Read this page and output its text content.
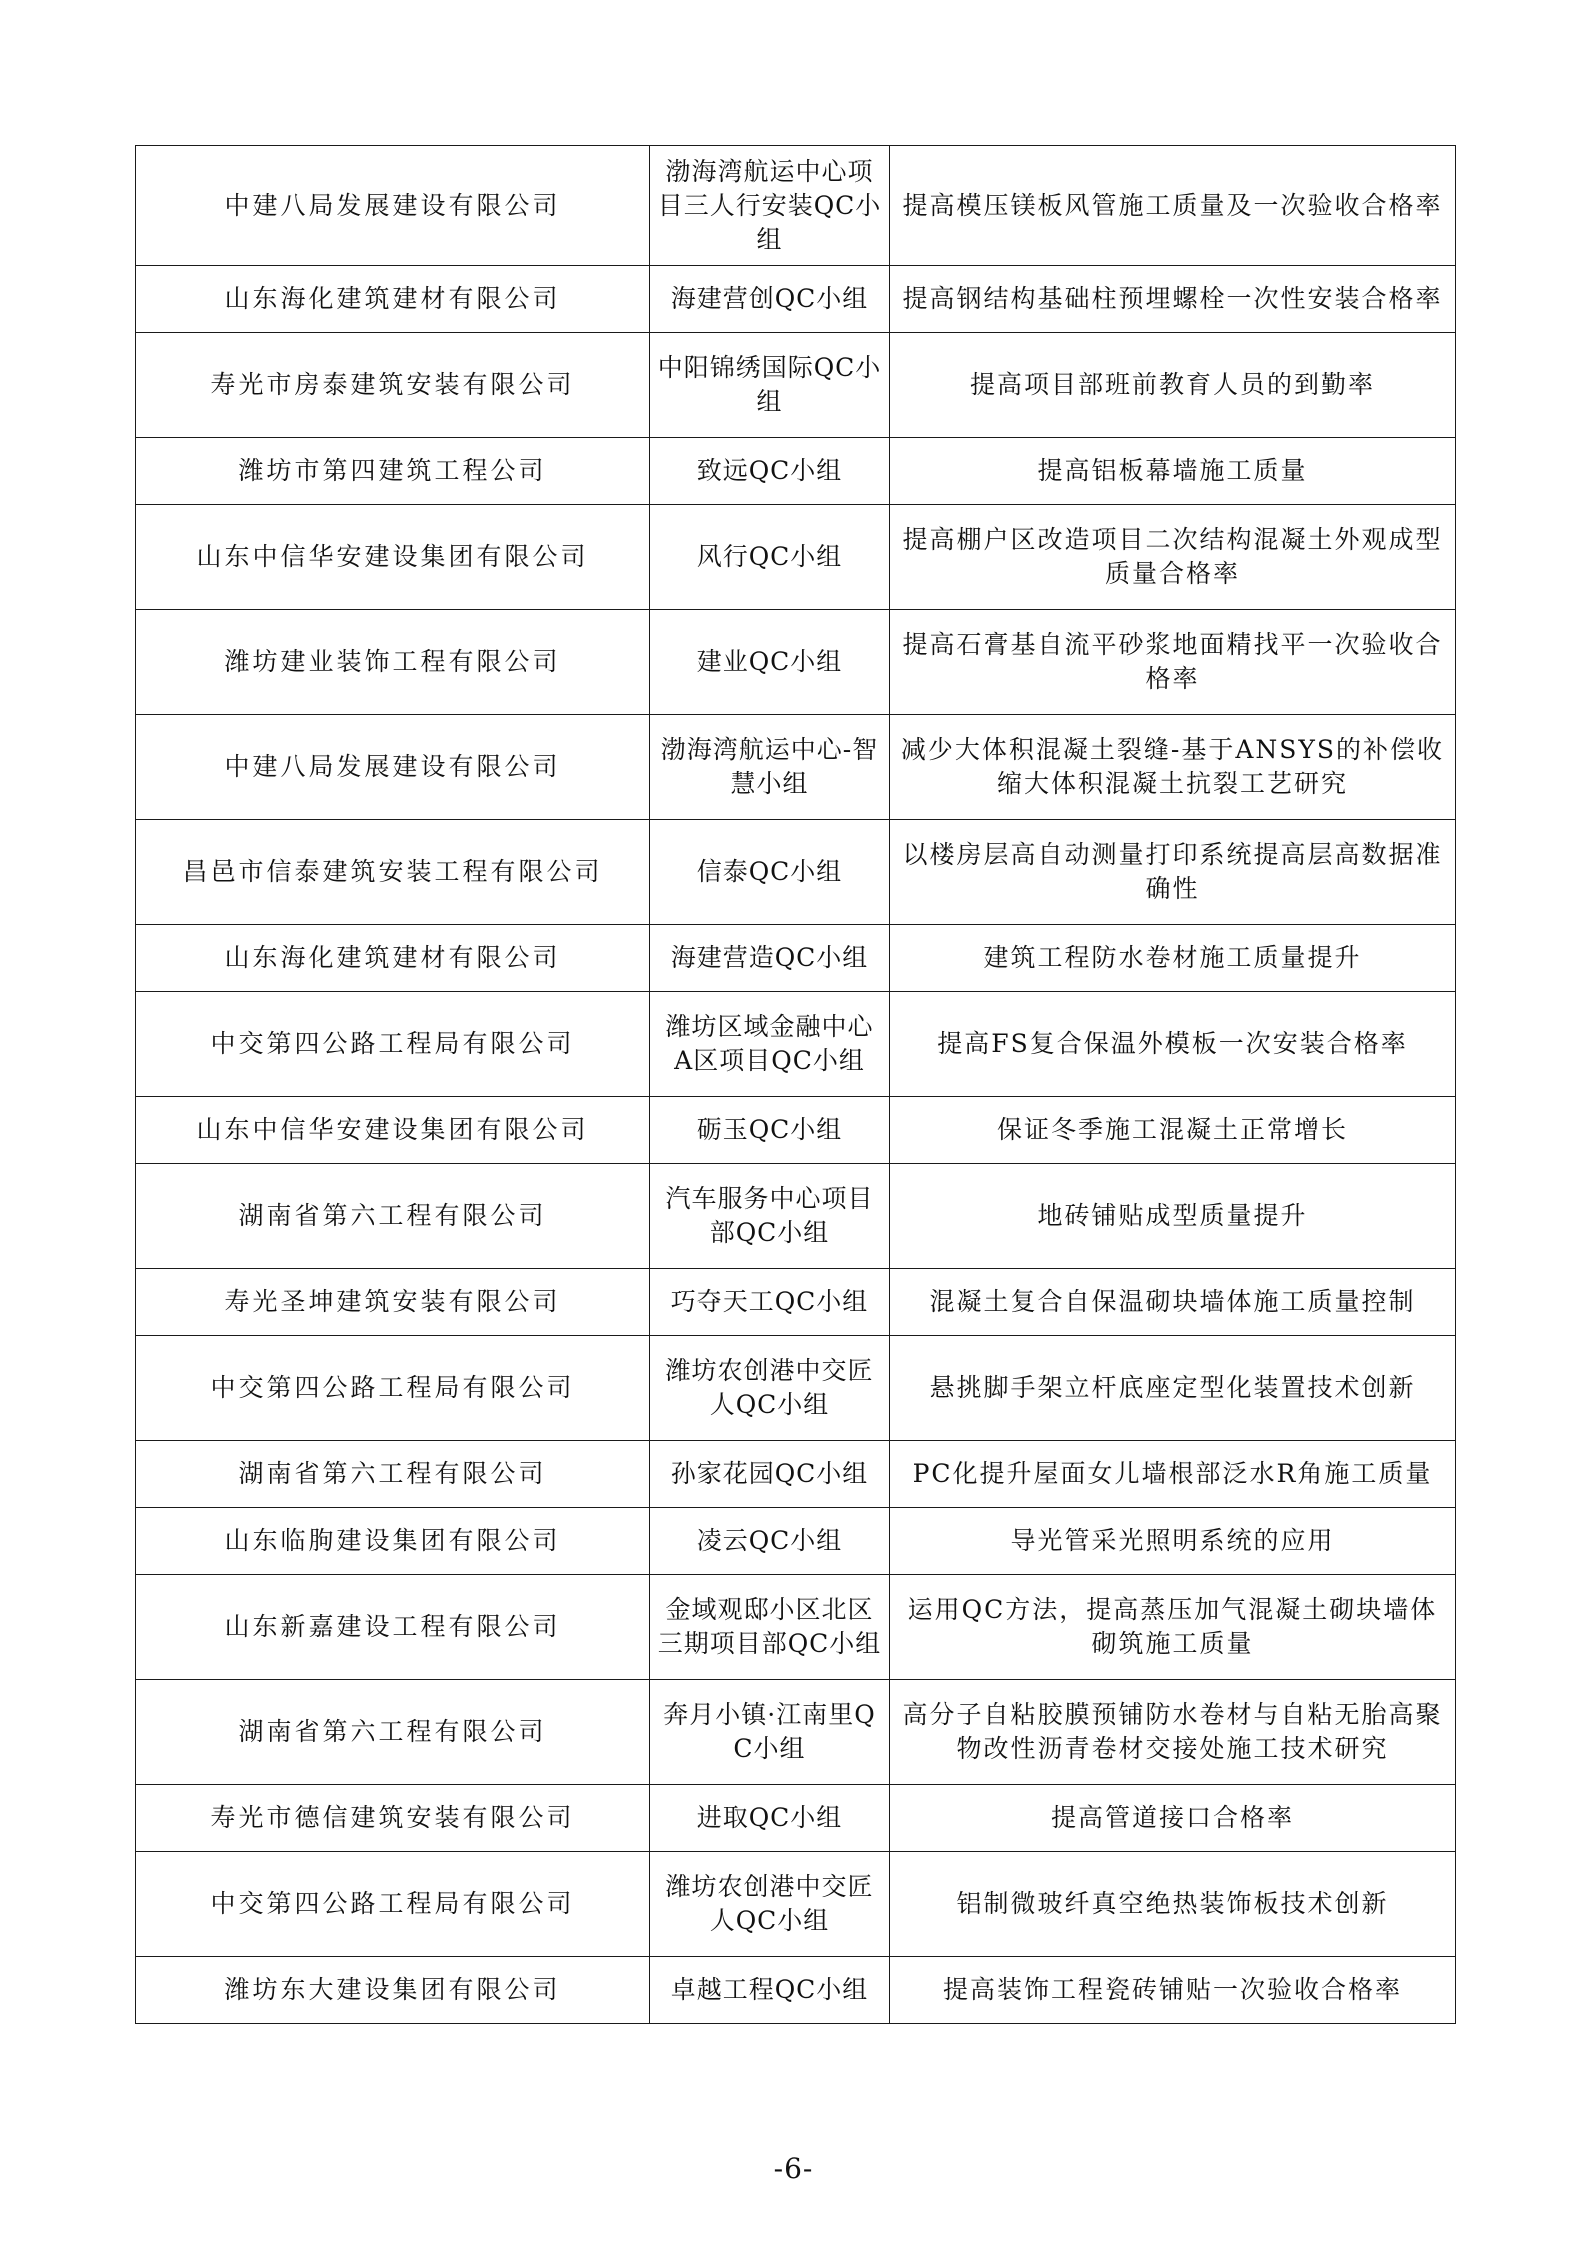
中建八局发展建设有限公司	渤海湾航运中心项目三人行安装QC小组	提高模压镁板风管施工质量及一次验收合格率
山东海化建筑建材有限公司	海建营创QC小组	提高钢结构基础柱预埋螺栓一次性安装合格率
寿光市房泰建筑安装有限公司	中阳锦绣国际QC小组	提高项目部班前教育人员的到勤率
潍坊市第四建筑工程公司	致远QC小组	提高铝板幕墙施工质量
山东中信华安建设集团有限公司	风行QC小组	提高棚户区改造项目二次结构混凝土外观成型质量合格率
潍坊建业装饰工程有限公司	建业QC小组	提高石膏基自流平砂浆地面精找平一次验收合格率
中建八局发展建设有限公司	渤海湾航运中心-智慧小组	减少大体积混凝土裂缝-基于ANSYS的补偿收缩大体积混凝土抗裂工艺研究
昌邑市信泰建筑安装工程有限公司	信泰QC小组	以楼房层高自动测量打印系统提高层高数据准确性
山东海化建筑建材有限公司	海建营造QC小组	建筑工程防水卷材施工质量提升
中交第四公路工程局有限公司	潍坊区域金融中心A区项目QC小组	提高FS复合保温外模板一次安装合格率
山东中信华安建设集团有限公司	砺玉QC小组	保证冬季施工混凝土正常增长
湖南省第六工程有限公司	汽车服务中心项目部QC小组	地砖铺贴成型质量提升
寿光圣坤建筑安装有限公司	巧夺天工QC小组	混凝土复合自保温砌块墙体施工质量控制
中交第四公路工程局有限公司	潍坊农创港中交匠人QC小组	悬挑脚手架立杆底座定型化装置技术创新
湖南省第六工程有限公司	孙家花园QC小组	PC化提升屋面女儿墙根部泛水R角施工质量
山东临朐建设集团有限公司	凌云QC小组	导光管采光照明系统的应用
山东新嘉建设工程有限公司	金域观邸小区北区三期项目部QC小组	运用QC方法，提高蒸压加气混凝土砌块墙体砌筑施工质量
湖南省第六工程有限公司	奔月小镇·江南里QC小组	高分子自粘胶膜预铺防水卷材与自粘无胎高聚物改性沥青卷材交接处施工技术研究
寿光市德信建筑安装有限公司	进取QC小组	提高管道接口合格率
中交第四公路工程局有限公司	潍坊农创港中交匠人QC小组	铝制微玻纤真空绝热装饰板技术创新
潍坊东大建设集团有限公司	卓越工程QC小组	提高装饰工程瓷砖铺贴一次验收合格率
-6-
